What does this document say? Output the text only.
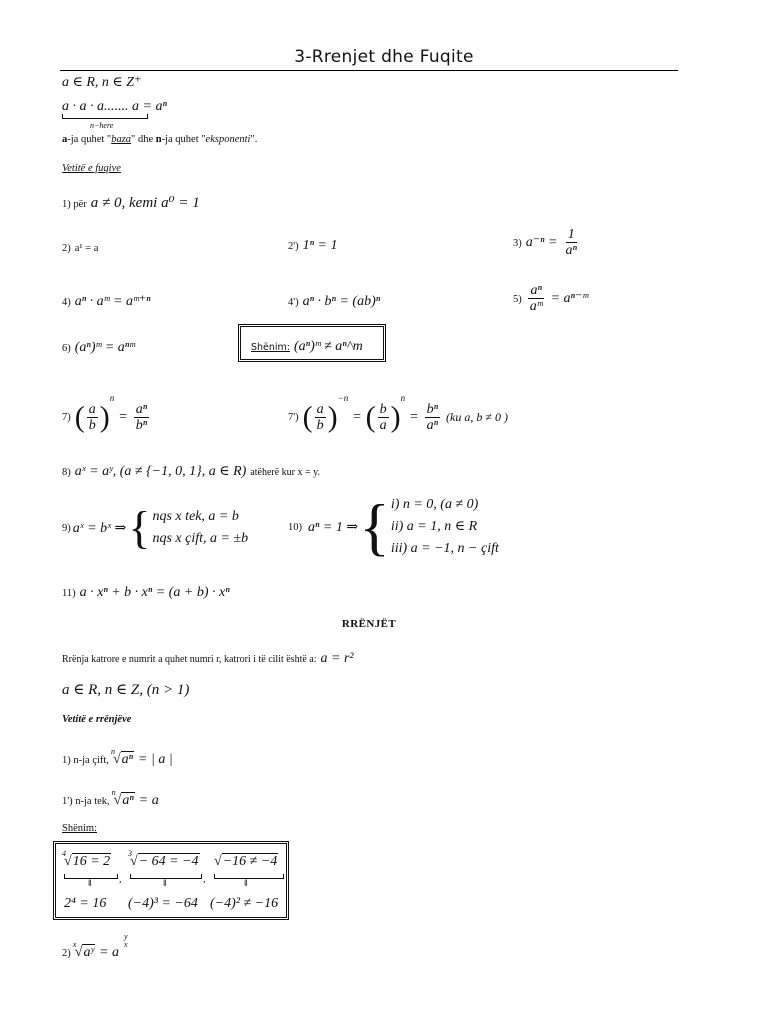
3-Rrenjet dhe Fuqite
a ∈ R, n ∈ Z⁺
a · a · a....... a = aⁿ
n−here
a-ja quhet "baza" dhe n-ja quhet "eksponenti".
Vetitë e fuqive
1) për a ≠ 0, kemi a⁰ = 1
2) a¹ = a	2') 1ⁿ = 1	3) $a^{-n} = \frac{1}{\text{aⁿ}}$
4) aⁿ · aᵐ = aᵐ⁺ⁿ	4') aⁿ · bⁿ = (ab)ⁿ	$5) \frac{\text{aⁿ}}{\text{aᵐ}}$ = aⁿ⁻ᵐ
6) (aⁿ)ᵐ = aⁿᵐ	Shënim: (aⁿ)ᵐ ≠ aⁿ^m
7) ( $\frac{a}{b} )^n = \frac{\text{aⁿ}}{\text{bⁿ}}$	7') ( $\frac{a}{b} )^{-n}$ = ( $\frac{b}{a} )^n = \frac{\text{bⁿ}}{\text{aⁿ}} (ku$ a, b ≠ 0 )
8) aˣ = aʸ, (a ≠ {−1, 0, 1}, a ∈ R) atëherë kur x = y.
9) aˣ = bˣ ⇒ { nqs x tek, a = b
nqs x çift, a = ±b
10) aⁿ = 1 ⇒ { i) n = 0, (a ≠ 0)
ii) a = 1, n ∈ R
iii) a = −1, n − çift
11) a · xⁿ + b · xⁿ = (a + b) · xⁿ
RRËNJËT
Rrënja katrore e numrit a quhet numri r, katrori i të cilit është a: a = r²
a ∈ R, n ∈ Z, (n > 1)
Vetitë e rrënjëve
1) n-ja çift,
n
√aⁿ = | a |
1') n-ja tek,
n
√aⁿ = a
Shënim:
4
√16 = 2
⇓
2⁴ = 16
,
3
√− 64 = −4
⇓
(−4)³ = −64
,
√−16 ≠ −4
⇓
(−4)² ≠ −16
2)
x
√aʸ = a
y
x
